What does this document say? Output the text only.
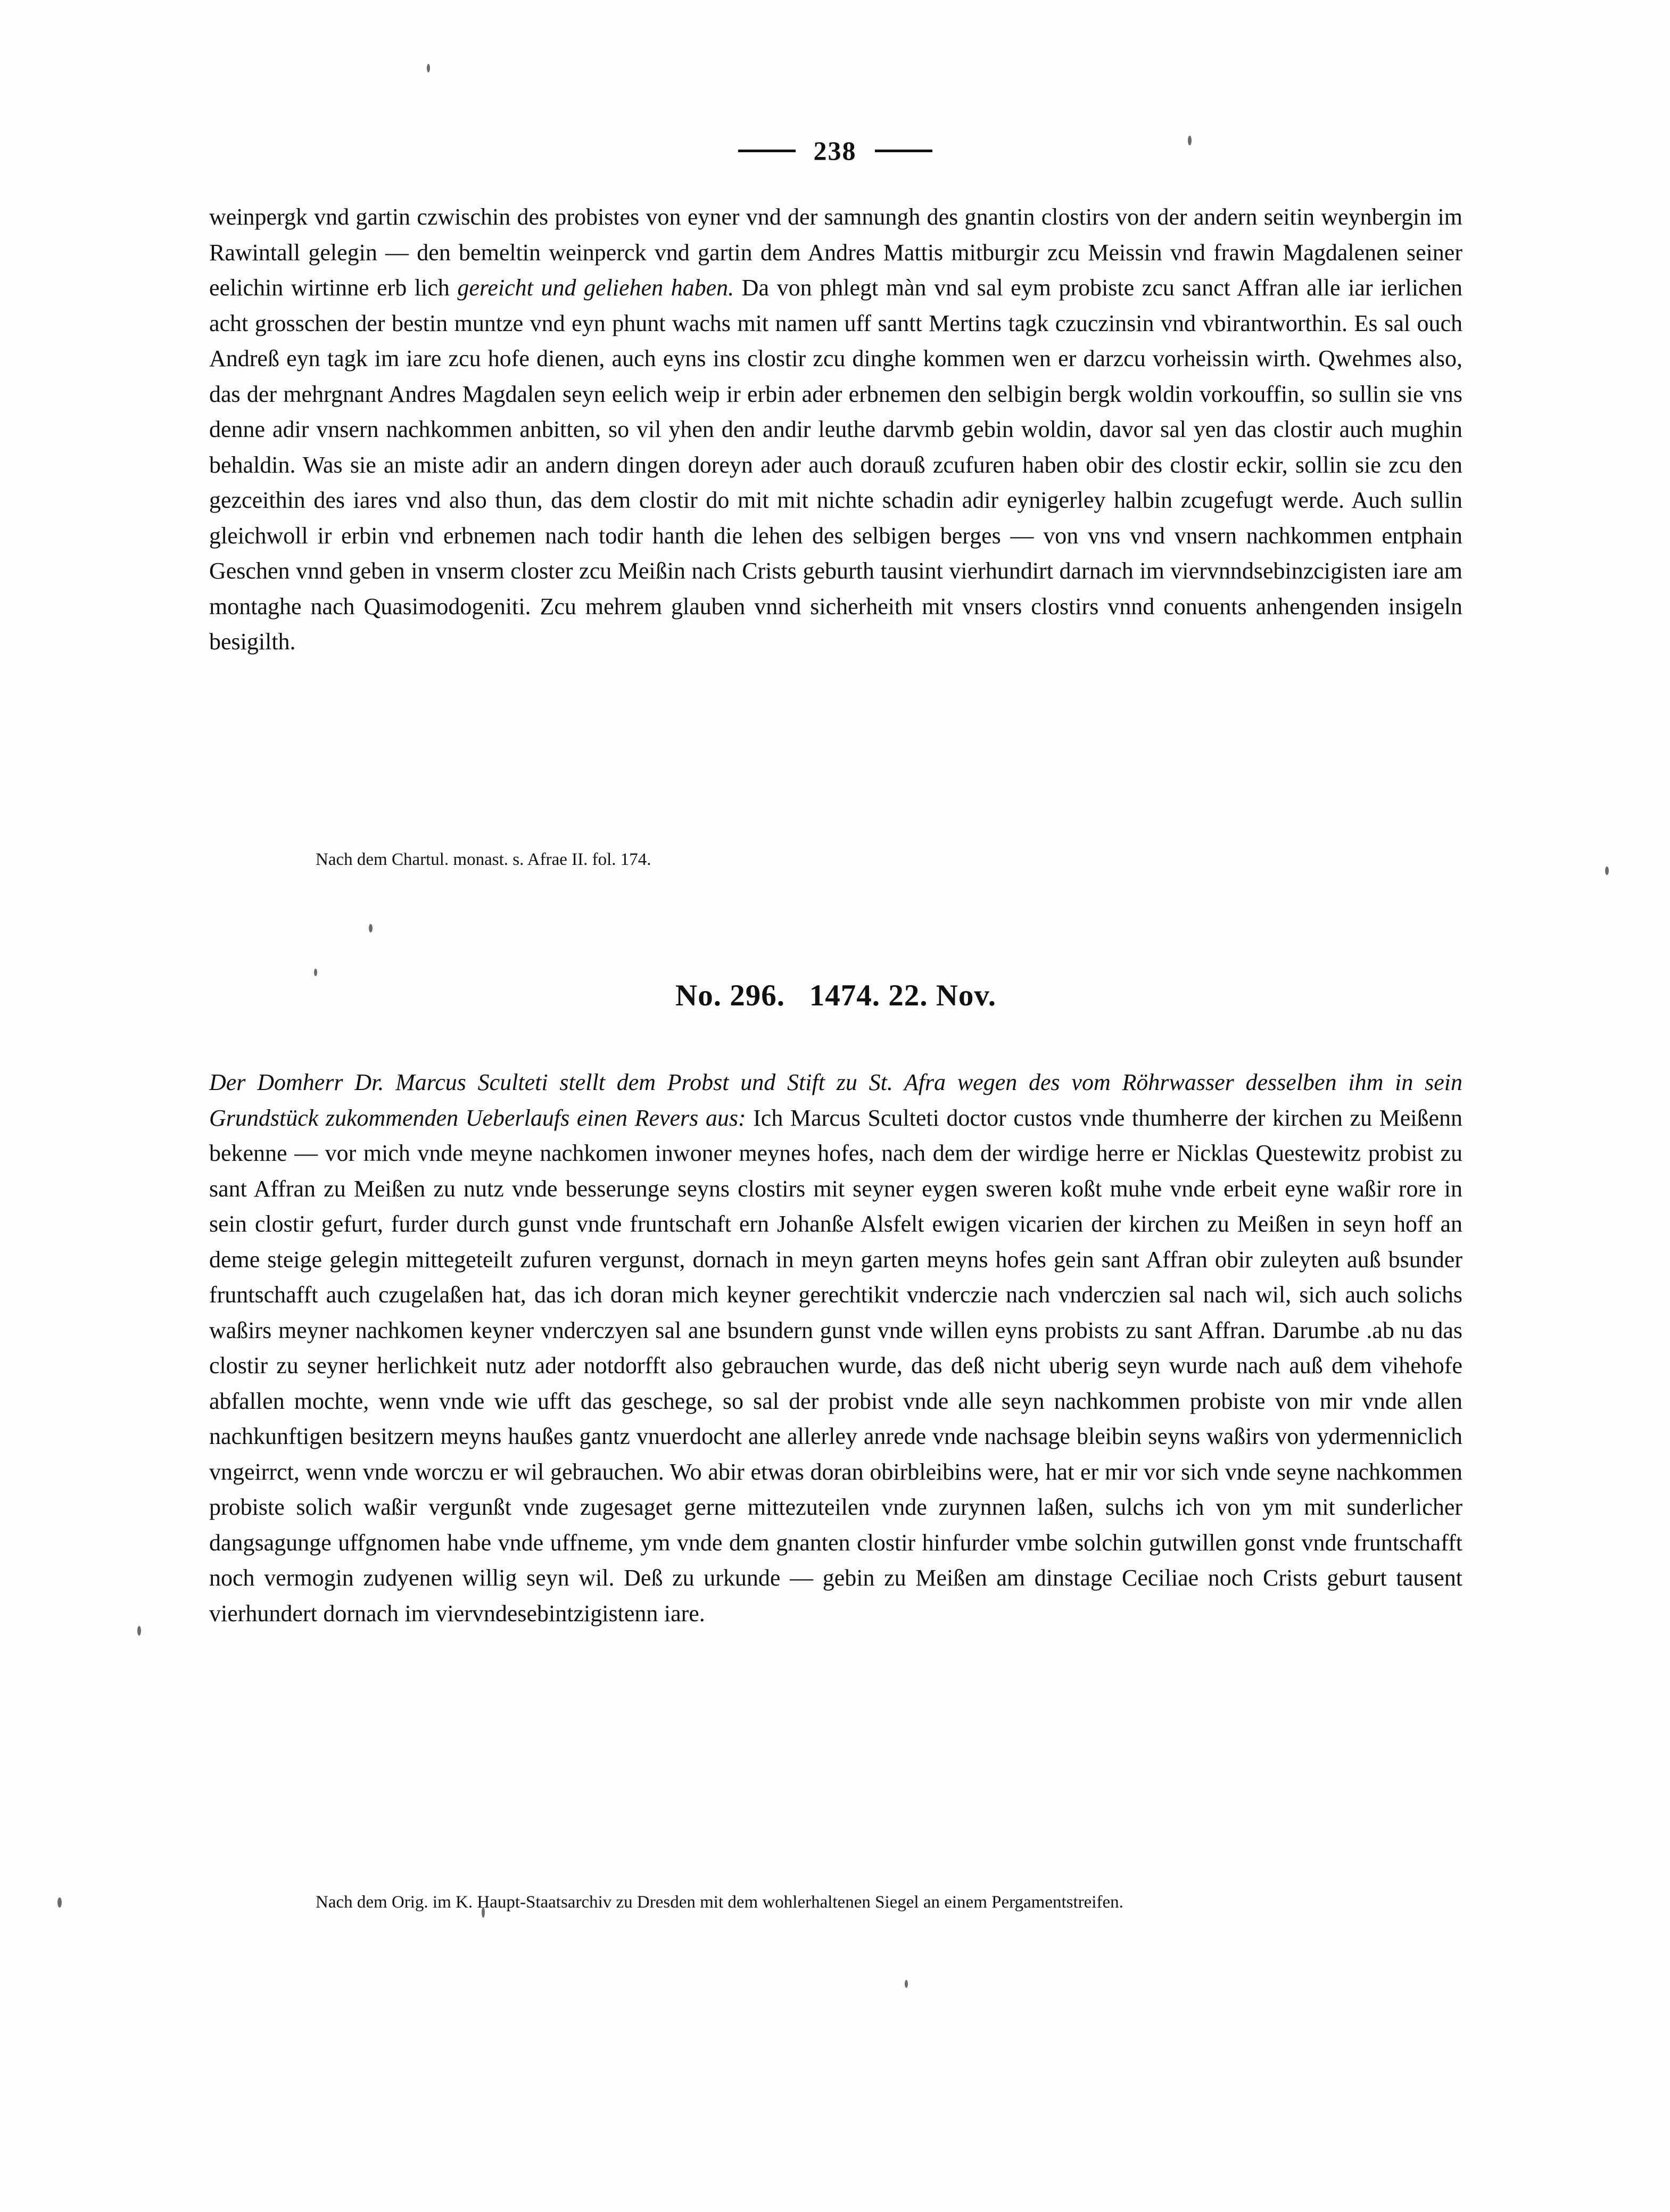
238

weinpergk vnd gartin czwischin des probistes von eyner vnd der samnungh des gnantin clostirs von der andern seitin weynbergin im Rawintall gelegin — den bemeltin weinperck vnd gartin dem Andres Mattis mitburgir zcu Meissin vnd frawin Magdalenen seiner eelichin wirtinne erb lich gereicht und geliehen haben. Da von phlegt màn vnd sal eym probiste zcu sanct Affran alle iar ierlichen acht grosschen der bestin muntze vnd eyn phunt wachs mit namen uff santt Mertins tagk czuczinsin vnd vbirantworthin. Es sal ouch Andreß eyn tagk im iare zcu hofe dienen, auch eyns ins clostir zcu dinghe kommen wen er darzcu vorheissin wirth. Qwehmes also, das der mehrgnant Andres Magdalen seyn eelich weip ir erbin ader erbnemen den selbigin bergk woldin vorkouffin, so sullin sie vns denne adir vnsern nachkommen anbitten, so vil yhen den andir leuthe darvmb gebin woldin, davor sal yen das clostir auch mughin behaldin. Was sie an miste adir an andern dingen doreyn ader auch dorauß zcufuren haben obir des clostir eckir, sollin sie zcu den gezceithin des iares vnd also thun, das dem clostir do mit mit nichte schadin adir eynigerley halbin zcugefugt werde. Auch sullin gleichwoll ir erbin vnd erbnemen nach todir hanth die lehen des selbigen berges — von vns vnd vnsern nachkommen entphain Geschen vnnd geben in vnserm closter zcu Meißin nach Crists geburth tausint vierhundirt darnach im viervnndsebinzcigisten iare am montaghe nach Quasimodogeniti. Zcu mehrem glauben vnnd sicherheith mit vnsers clostirs vnnd conuents anhengenden insigeln besigilth.

Nach dem Chartul. monast. s. Afrae II. fol. 174.

No. 296.   1474. 22. Nov.

Der Domherr Dr. Marcus Sculteti stellt dem Probst und Stift zu St. Afra wegen des vom Röhrwasser desselben ihm in sein Grundstück zukommenden Ueberlaufs einen Revers aus: Ich Marcus Sculteti doctor custos vnde thumherre der kirchen zu Meißenn bekenne — vor mich vnde meyne nachkomen inwoner meynes hofes, nach dem der wirdige herre er Nicklas Questewitz probist zu sant Affran zu Meißen zu nutz vnde besserunge seyns clostirs mit seyner eygen sweren koßt muhe vnde erbeit eyne waßir rore in sein clostir gefurt, furder durch gunst vnde fruntschaft ern Johanße Alsfelt ewigen vicarien der kirchen zu Meißen in seyn hoff an deme steige gelegin mittegeteilt zufuren vergunst, dornach in meyn garten meyns hofes gein sant Affran obir zuleyten auß bsunder fruntschafft auch czugelaßen hat, das ich doran mich keyner gerechtikit vnderczie nach vnderczien sal nach wil, sich auch solichs waßirs meyner nachkomen keyner vnderczyen sal ane bsundern gunst vnde willen eyns probists zu sant Affran. Darumbe .ab nu das clostir zu seyner herlichkeit nutz ader notdorfft also gebrauchen wurde, das deß nicht uberig seyn wurde nach auß dem vihehofe abfallen mochte, wenn vnde wie ufft das geschege, so sal der probist vnde alle seyn nachkommen probiste von mir vnde allen nachkunftigen besitzern meyns haußes gantz vnuerdocht ane allerley anrede vnde nachsage bleibin seyns waßirs von ydermenniclich vngeirrct, wenn vnde worczu er wil gebrauchen. Wo abir etwas doran obirbleibins were, hat er mir vor sich vnde seyne nachkommen probiste solich waßir vergunßt vnde zugesaget gerne mittezuteilen vnde zurynnen laßen, sulchs ich von ym mit sunderlicher dangsagunge uffgnomen habe vnde uffneme, ym vnde dem gnanten clostir hinfurder vmbe solchin gutwillen gonst vnde fruntschafft noch vermogin zudyenen willig seyn wil. Deß zu urkunde — gebin zu Meißen am dinstage Ceciliae noch Crists geburt tausent vierhundert dornach im viervndesebintzigistenn iare.

Nach dem Orig. im K. Haupt-Staatsarchiv zu Dresden mit dem wohlerhaltenen Siegel an einem Pergamentstreifen.
